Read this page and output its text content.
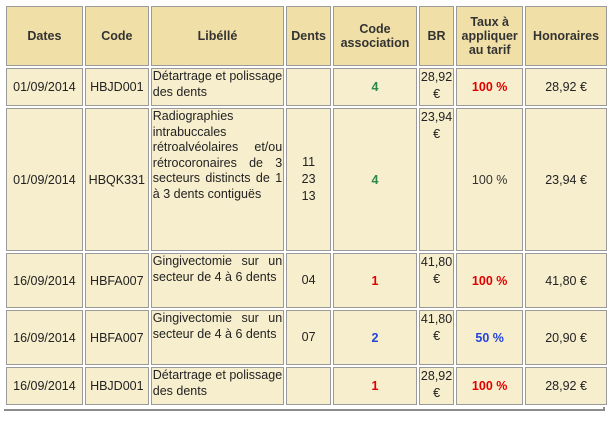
Dates	Code	Libéllé	Dents	Code association	BR	Taux à appliquer au tarif	Honoraires
01/09/2014	HBJD001	Détartrage et polissage des dents		4	28,92 €	100 %	28,92 €
01/09/2014	HBQK331	Radiographies intrabuccales rétroalvéolaires et/ou rétrocoronaires de 3 secteurs distincts de 1 à 3 dents contiguës	11
23
13	4	23,94 €	100 %	23,94 €
16/09/2014	HBFA007	Gingivectomie sur un secteur de 4 à 6 dents	04	1	41,80 €	100 %	41,80 €
16/09/2014	HBFA007	Gingivectomie sur un secteur de 4 à 6 dents	07	2	41,80 €	50 %	20,90 €
16/09/2014	HBJD001	Détartrage et polissage des dents		1	28,92 €	100 %	28,92 €
